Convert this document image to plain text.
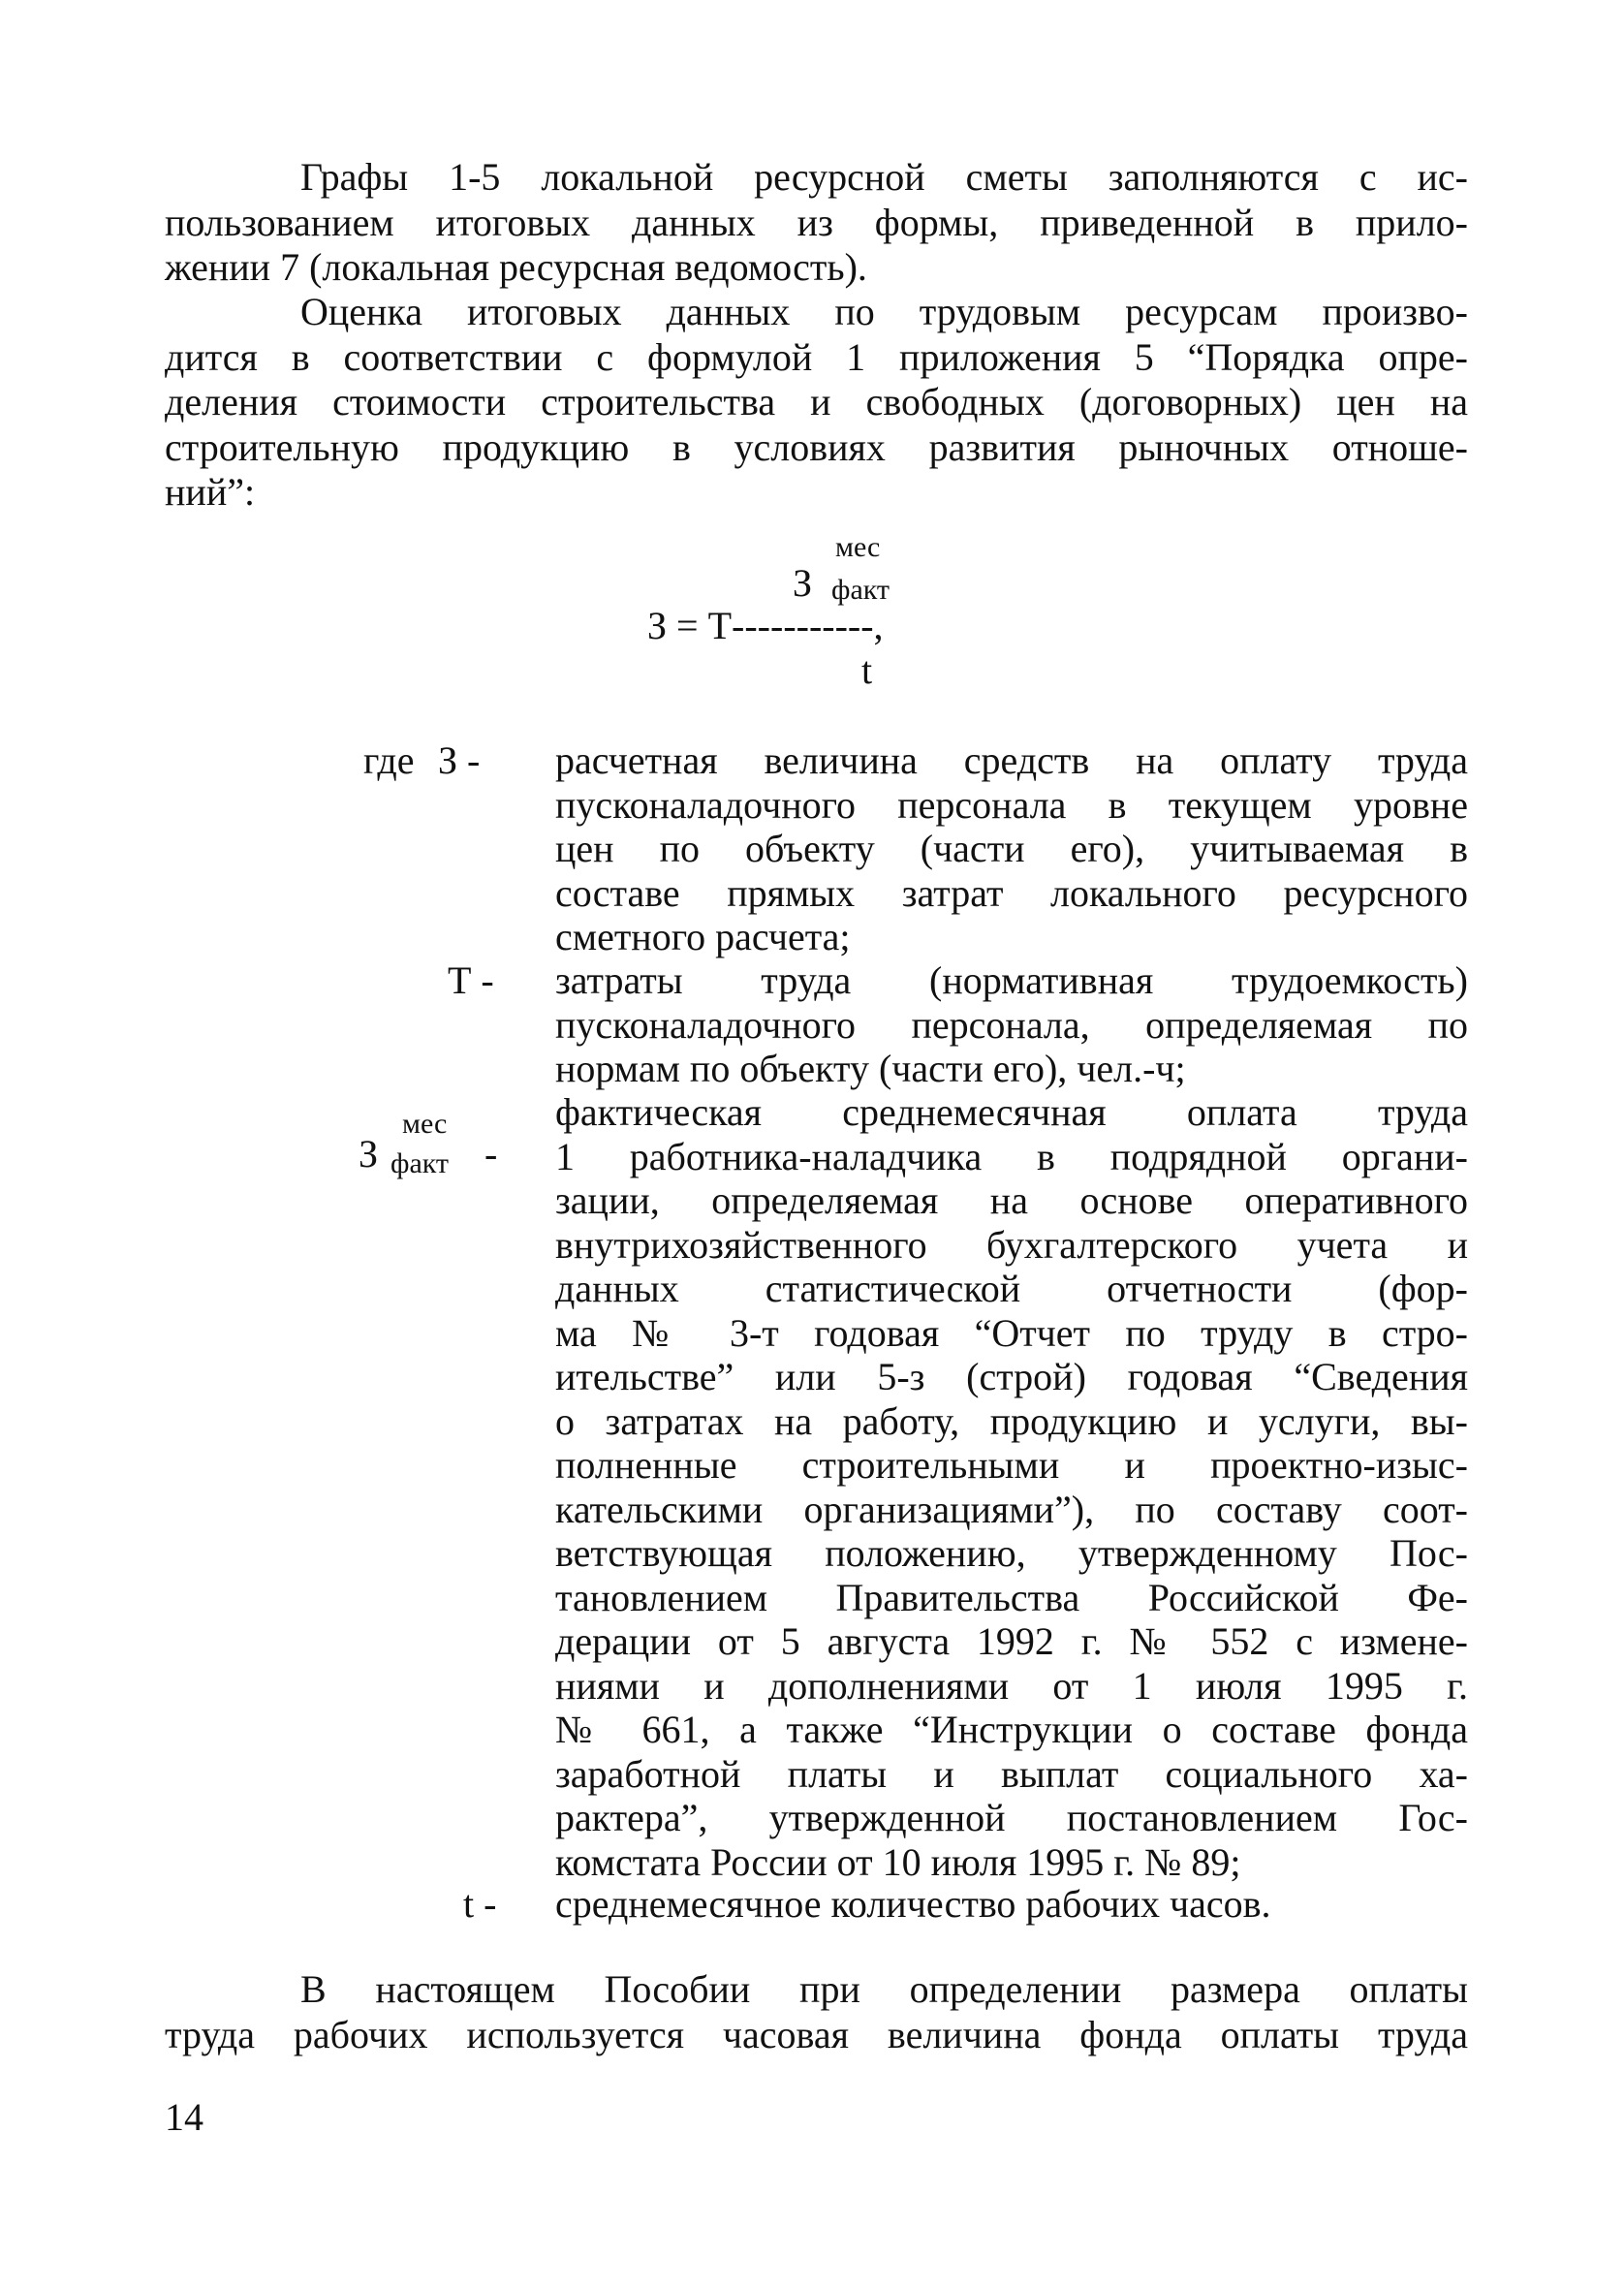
Графы 1-5 локальной ресурсной сметы заполняются с ис-
пользованием итоговых данных из формы, приведенной в прило-
жении 7 (локальная ресурсная ведомость).
Оценка итоговых данных по трудовым ресурсам произво-
дится в соответствии с формулой 1 приложения 5 “Порядка опре-
деления стоимости строительства и свободных (договорных) цен на
строительную продукцию в условиях развития рыночных отноше-
ний”:
мес
З факт
З = Т-----------,
t
где З - расчетная величина средств на оплату труда
пусконаладочного персонала в текущем уровне
цен по объекту (части его), учитываемая в
составе прямых затрат локального ресурсного
сметного расчета;
Т - затраты труда (нормативная трудоемкость)
пусконаладочного персонала, определяемая по
нормам по объекту (части его), чел.-ч;
мес
З факт -
фактическая среднемесячная оплата труда
1 работника-наладчика в подрядной органи-
зации, определяемая на основе оперативного
внутрихозяйственного бухгалтерского учета и
данных статистической отчетности (фор-
ма № 3-т годовая “Отчет по труду в стро-
ительстве” или 5-з (строй) годовая “Сведения
о затратах на работу, продукцию и услуги, вы-
полненные строительными и проектно-изыс-
кательскими организациями”), по составу соот-
ветствующая положению, утвержденному Пос-
тановлением Правительства Российской Фе-
дерации от 5 августа 1992 г. № 552 с измене-
ниями и дополнениями от 1 июля 1995 г.
№ 661, а также “Инструкции о составе фонда
заработной платы и выплат социального ха-
рактера”, утвержденной постановлением Гос-
комстата России от 10 июля 1995 г. № 89;
t - среднемесячное количество рабочих часов.
В настоящем Пособии при определении размера оплаты
труда рабочих используется часовая величина фонда оплаты труда
14
